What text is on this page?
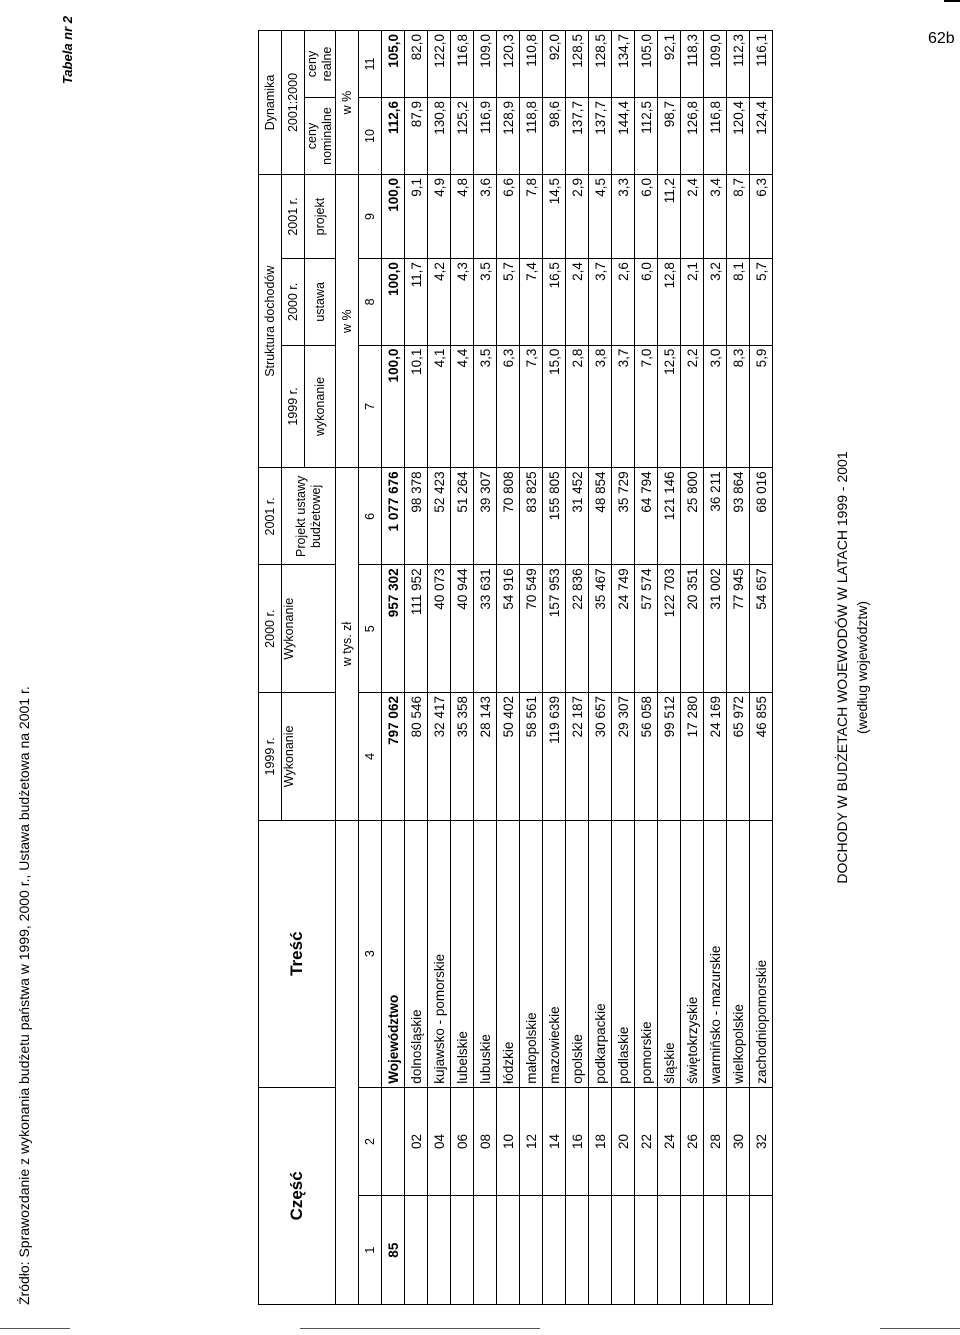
62b
Tabela nr 2
DOCHODY W BUDŻETACH WOJEWODÓW W LATACH 1999 - 2001 (według województw)
Część		Treść	1999 r.	2000 r.	2001 r.	Struktura dochodów			Dynamika	
			Wykonanie	Wykonanie	Projekt ustawy budżetowej	1999 r.	2000 r.	2001 r.	2001:2000	
						wykonanie	ustawa	projekt	ceny nominalne	ceny realne
			w tys. zł			w %			w %	
1	2	3	4	5	6	7	8	9	10	11
85		Województwo	797 062	957 302	1 077 676	100,0	100,0	100,0	112,6	105,0
	02	dolnośląskie	80 546	111 952	98 378	10,1	11,7	9,1	87,9	82,0
	04	kujawsko - pomorskie	32 417	40 073	52 423	4,1	4,2	4,9	130,8	122,0
	06	lubelskie	35 358	40 944	51 264	4,4	4,3	4,8	125,2	116,8
	08	lubuskie	28 143	33 631	39 307	3,5	3,5	3,6	116,9	109,0
	10	łódzkie	50 402	54 916	70 808	6,3	5,7	6,6	128,9	120,3
	12	małopolskie	58 561	70 549	83 825	7,3	7,4	7,8	118,8	110,8
	14	mazowieckie	119 639	157 953	155 805	15,0	16,5	14,5	98,6	92,0
	16	opolskie	22 187	22 836	31 452	2,8	2,4	2,9	137,7	128,5
	18	podkarpackie	30 657	35 467	48 854	3,8	3,7	4,5	137,7	128,5
	20	podlaskie	29 307	24 749	35 729	3,7	2,6	3,3	144,4	134,7
	22	pomorskie	56 058	57 574	64 794	7,0	6,0	6,0	112,5	105,0
	24	śląskie	99 512	122 703	121 146	12,5	12,8	11,2	98,7	92,1
	26	świętokrzyskie	17 280	20 351	25 800	2,2	2,1	2,4	126,8	118,3
	28	warmińsko - mazurskie	24 169	31 002	36 211	3,0	3,2	3,4	116,8	109,0
	30	wielkopolskie	65 972	77 945	93 864	8,3	8,1	8,7	120,4	112,3
	32	zachodniopomorskie	46 855	54 657	68 016	5,9	5,7	6,3	124,4	116,1
Źródło: Sprawozdanie z wykonania budżetu państwa w 1999, 2000 r., Ustawa budżetowa na 2001 r.
